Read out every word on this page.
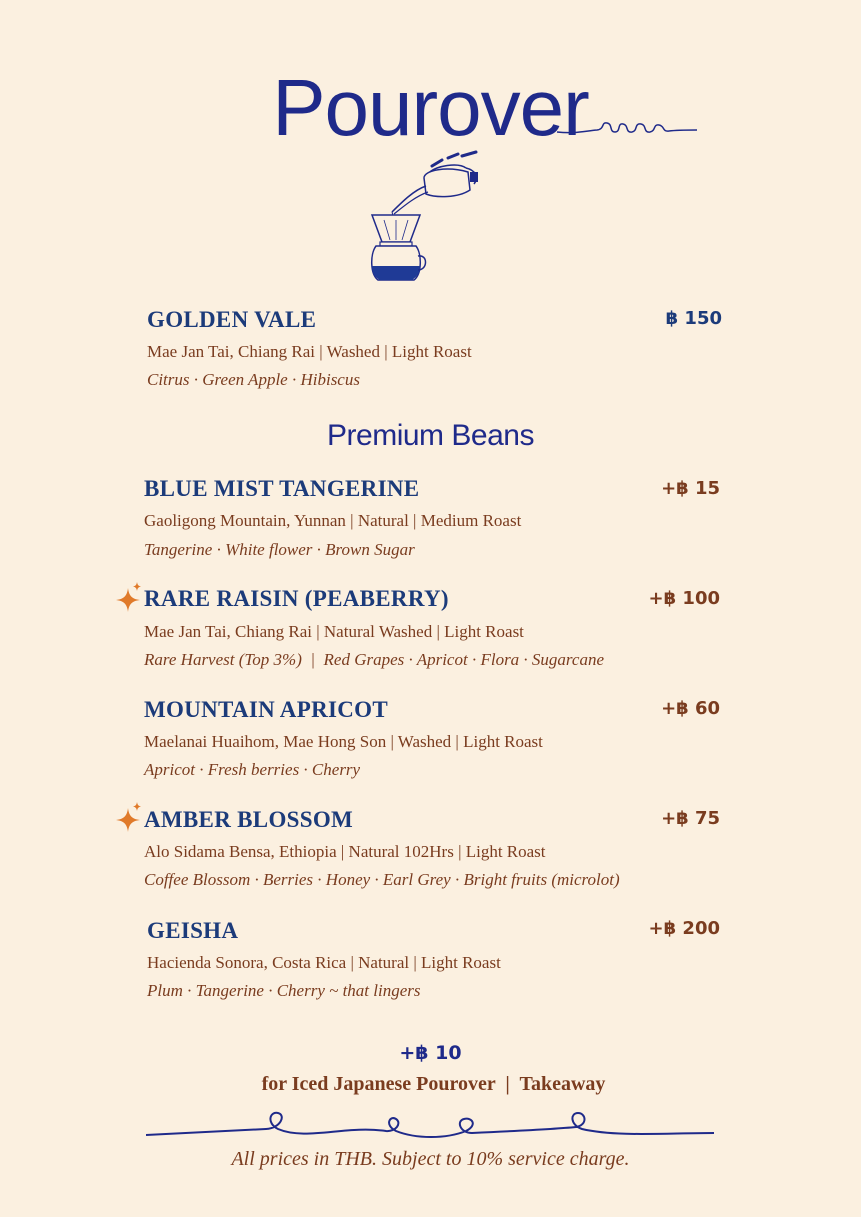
Pourover
GOLDEN VALE	฿ 150
Mae Jan Tai, Chiang Rai | Washed | Light Roast
Citrus · Green Apple · Hibiscus
Premium Beans
BLUE MIST TANGERINE	+฿ 15
Gaoligong Mountain, Yunnan | Natural | Medium Roast
Tangerine · White flower · Brown Sugar
RARE RAISIN (PEABERRY)	+฿ 100
Mae Jan Tai, Chiang Rai | Natural Washed | Light Roast
Rare Harvest (Top 3%)  |  Red Grapes · Apricot · Flora · Sugarcane
MOUNTAIN APRICOT	+฿ 60
Maelanai Huaihom, Mae Hong Son | Washed | Light Roast
Apricot · Fresh berries · Cherry
AMBER BLOSSOM	+฿ 75
Alo Sidama Bensa, Ethiopia | Natural 102Hrs | Light Roast
Coffee Blossom · Berries · Honey · Earl Grey · Bright fruits (microlot)
GEISHA	+฿ 200
Hacienda Sonora, Costa Rica | Natural | Light Roast
Plum · Tangerine · Cherry ~ that lingers
+฿ 10
for Iced Japanese Pourover  |  Takeaway
All prices in THB. Subject to 10% service charge.
